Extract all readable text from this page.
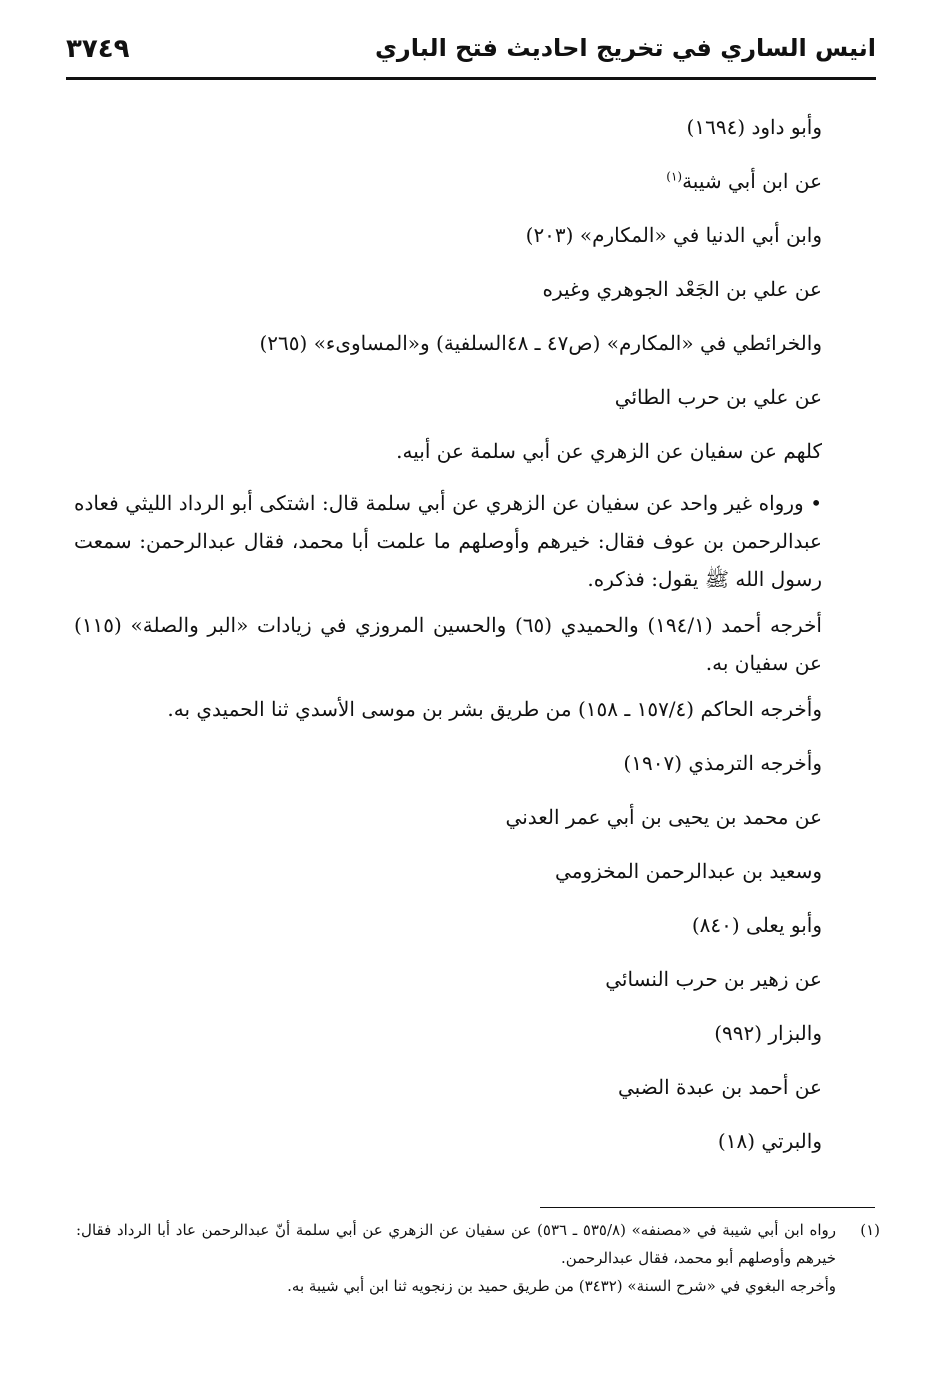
انيس الساري في تخريج احاديث فتح الباري
٣٧٤٩
وأبو داود (١٦٩٤)
عن ابن أبي شيبة$^{(١)}$
وابن أبي الدنيا في «المكارم» (٢٠٣)
عن علي بن الجَعْد الجوهري وغيره
والخرائطي في «المكارم» (ص٤٧ ـ ٤٨السلفية) و«المساوىء» (٢٦٥)
عن علي بن حرب الطائي
كلهم عن سفيان عن الزهري عن أبي سلمة عن أبيه.

• ورواه غير واحد عن سفيان عن الزهري عن أبي سلمة قال: اشتكى أبو الرداد الليثي فعاده عبدالرحمن بن عوف فقال: خيرهم وأوصلهم ما علمت أبا محمد، فقال عبدالرحمن: سمعت رسول الله ﷺ يقول: فذكره.

أخرجه أحمد (١٩٤/١) والحميدي (٦٥) والحسين المروزي في زيادات «البر والصلة» (١١٥) عن سفيان به.

وأخرجه الحاكم (١٥٧/٤ ـ ١٥٨) من طريق بشر بن موسى الأسدي ثنا الحميدي به.

وأخرجه الترمذي (١٩٠٧)
عن محمد بن يحيى بن أبي عمر العدني
وسعيد بن عبدالرحمن المخزومي
وأبو يعلى (٨٤٠)
عن زهير بن حرب النسائي
والبزار (٩٩٢)
عن أحمد بن عبدة الضبي
والبرتي (١٨)
(١)

رواه ابن أبي شيبة في «مصنفه» (٥٣٥/٨ ـ ٥٣٦) عن سفيان عن الزهري عن أبي سلمة أنّ عبدالرحمن عاد أبا الرداد فقال: خيرهم وأوصلهم أبو محمد، فقال عبدالرحمن.

وأخرجه البغوي في «شرح السنة» (٣٤٣٢) من طريق حميد بن زنجويه ثنا ابن أبي شيبة به.
